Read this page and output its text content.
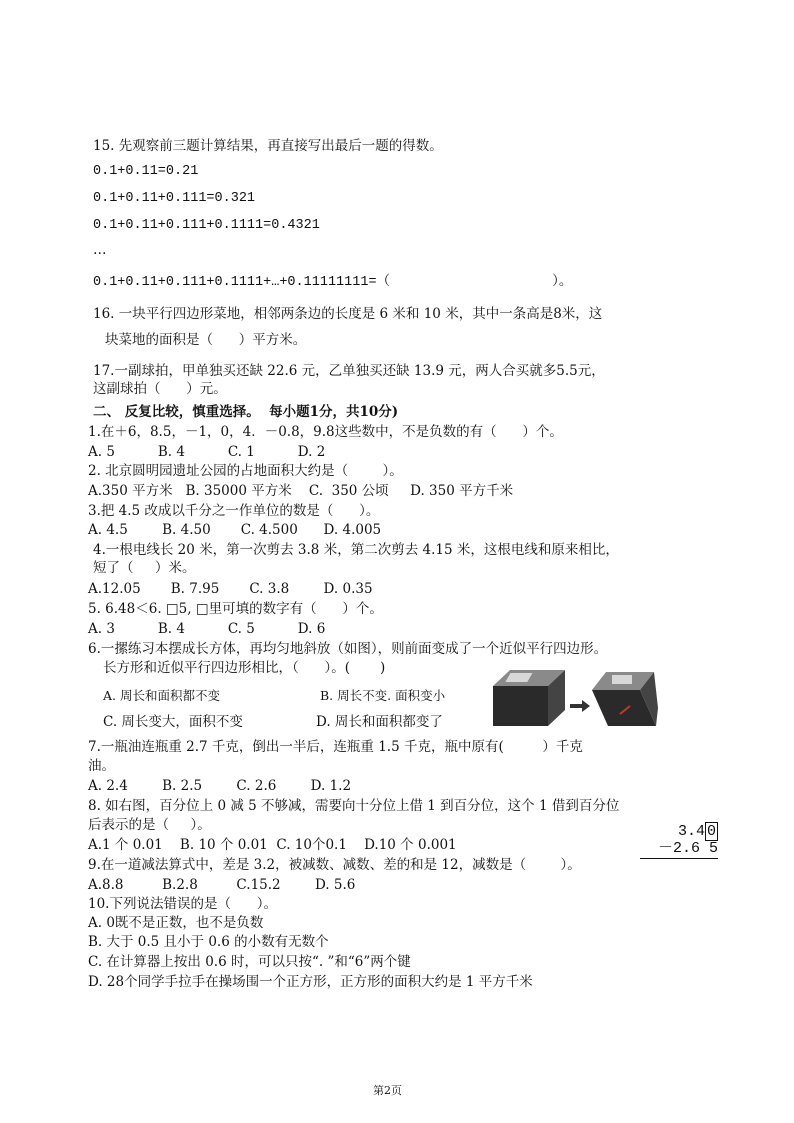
15. 先观察前三题计算结果，再直接写出最后一题的得数。
0.1+0.11=0.21
0.1+0.11+0.111=0.321
0.1+0.11+0.111+0.1111=0.4321
…
0.1+0.11+0.111+0.1111+…+0.11111111=（                    ）。
16. 一块平行四边形菜地，相邻两条边的长度是 6 米和 10 米，其中一条高是8米，这
块菜地的面积是（      ）平方米。
17.一副球拍，甲单独买还缺 22.6 元，乙单独买还缺 13.9 元，两人合买就多5.5元，
这副球拍（      ）元。
二、 反复比较，慎重选择。  每小题1分，共10分)
1.在＋6，8.5，－1，0，4．－0.8，9.8这些数中，不是负数的有（      ）个。
A. 5          B. 4          C. 1          D. 2
2. 北京圆明园遗址公园的占地面积大约是（        ）。
A.350 平方米   B. 35000 平方米    C.  350 公顷     D. 350 平方千米
3.把 4.5 改成以千分之一作单位的数是（      ）。
A. 4.5        B. 4.50       C. 4.500      D. 4.005
4.一根电线长 20 米，第一次剪去 3.8 米，第二次剪去 4.15 米，这根电线和原来相比，
短了（     ）米。
A.12.05       B. 7.95       C. 3.8        D. 0.35
5. 6.48＜6. □5, □里可填的数字有（      ）个。
A. 3          B. 4          C. 5          D. 6
6.一摞练习本摆成长方体，再均匀地斜放（如图），则前面变成了一个近似平行四边形。
长方形和近似平行四边形相比，（      ）。(       )
A. 周长和面积都不变	B. 周长不变. 面积变小
C. 周长变大，面积不变	D. 周长和面积都变了
7.一瓶油连瓶重 2.7 千克，倒出一半后，连瓶重 1.5 千克，瓶中原有(         ）千克
油。
A. 2.4        B. 2.5        C. 2.6        D. 1.2
8. 如右图，百分位上 0 减 5 不够减，需要向十分位上借 1 到百分位，这个 1 借到百分位
后表示的是（     ）。
A.1 个 0.01    B. 10 个 0.01  C. 10个0.1    D.10 个 0.001
3.4 0
－2.6 5
9.在一道减法算式中，差是 3.2，被减数、减数、差的和是 12，减数是（        ）。
A.8.8         B.2.8         C.15.2        D. 5.6
10.下列说法错误的是（      ）。
A. 0既不是正数，也不是负数
B. 大于 0.5 且小于 0.6 的小数有无数个
C. 在计算器上按出 0.6 时，可以只按“. ”和“6”两个键
D. 28个同学手拉手在操场围一个正方形，正方形的面积大约是 1 平方千米
第2页
